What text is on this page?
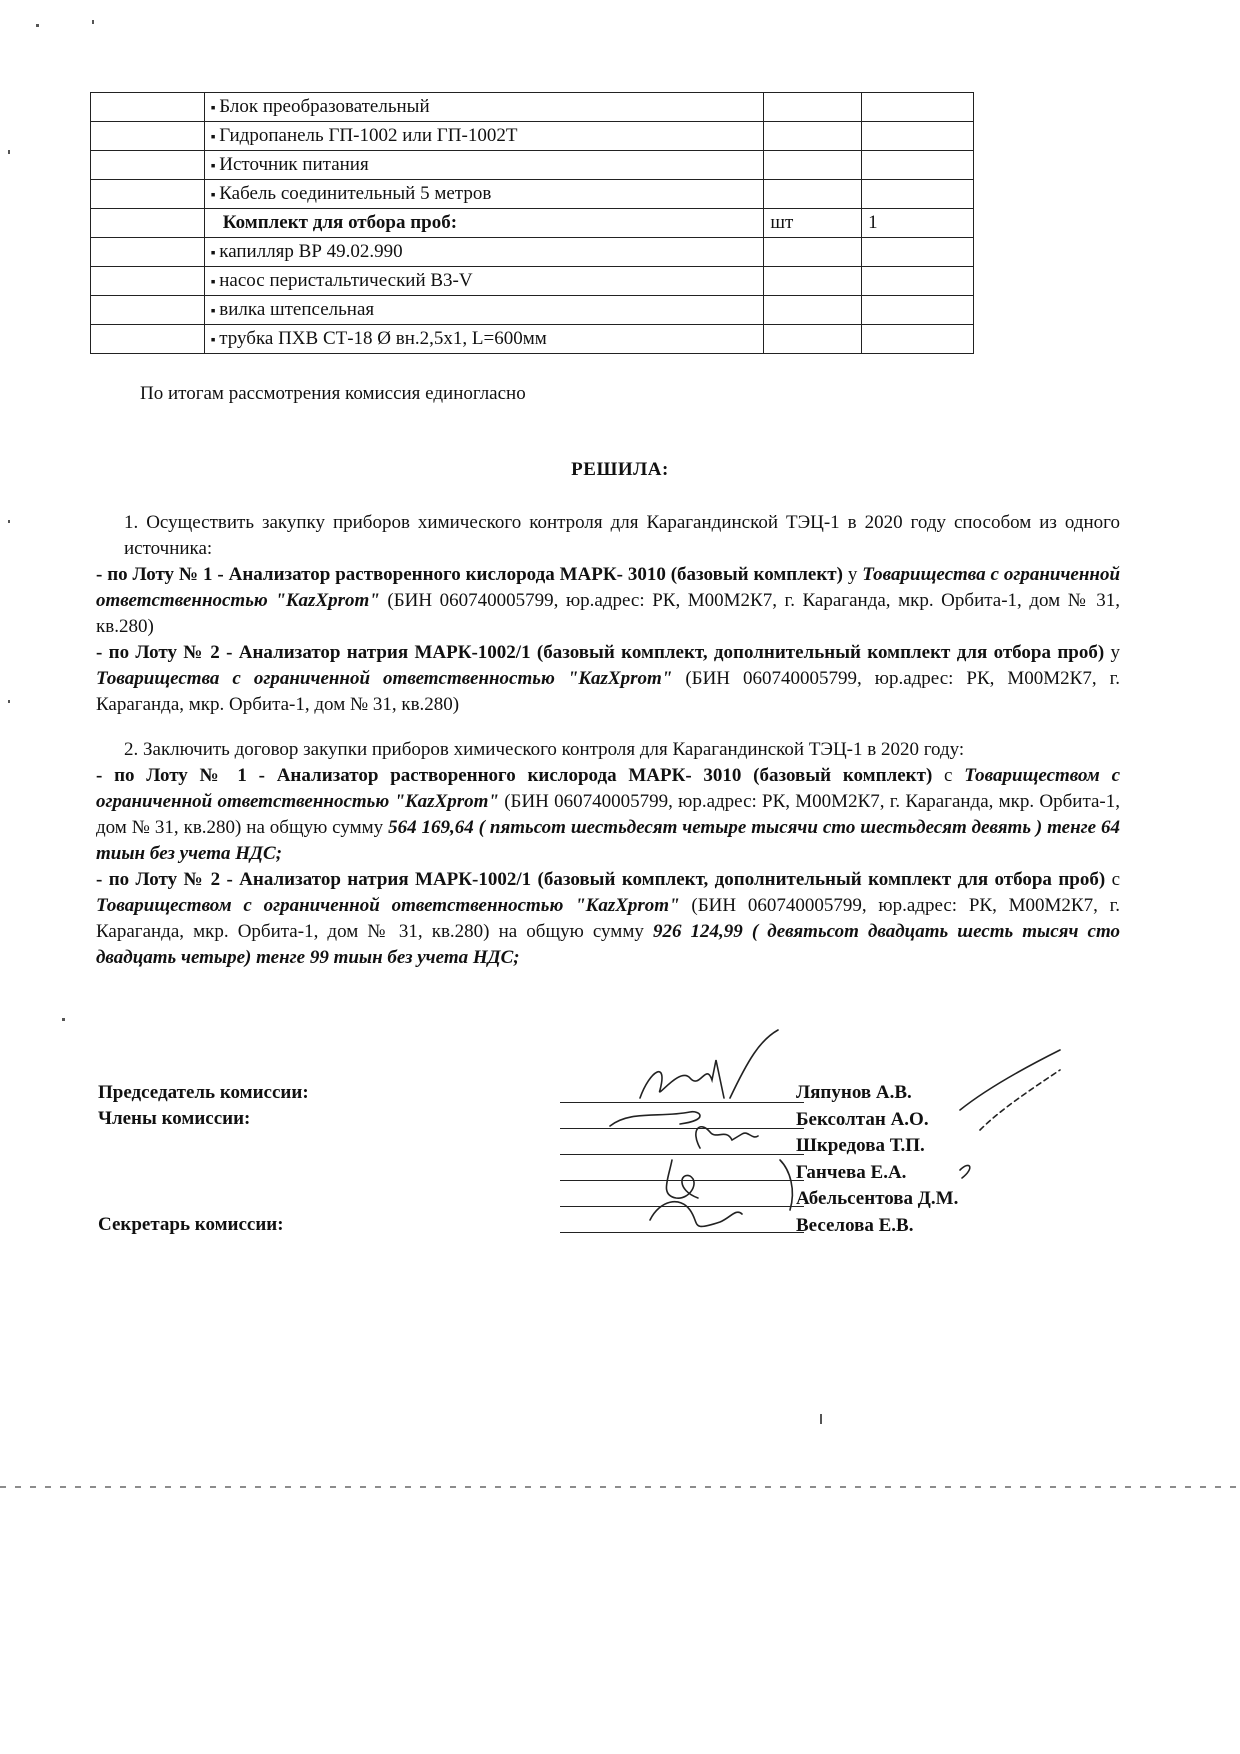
	▪ Блок преобразовательный		
	▪ Гидропанель ГП-1002 или ГП-1002Т		
	▪ Источник питания		
	▪ Кабель соединительный 5 метров		
	Комплект для отбора проб:	шт	1
	▪ капилляр ВР 49.02.990		
	▪ насос перистальтический В3-V		
	▪ вилка штепсельная		
	▪ трубка ПХВ СТ-18 Ø вн.2,5х1, L=600мм		
По итогам рассмотрения комиссия единогласно
РЕШИЛА:

1. Осуществить закупку приборов химического контроля для Карагандинской ТЭЦ-1 в 2020 году способом из одного источника:

- по Лоту № 1 - Анализатор растворенного кислорода МАРК- 3010 (базовый комплект) у Товарищества с ограниченной ответственностью "KazXprom" (БИН 060740005799, юр.адрес: РК, М00М2К7, г. Караганда, мкр. Орбита-1, дом № 31, кв.280)

- по Лоту № 2 - Анализатор натрия МАРК-1002/1 (базовый комплект, дополнительный комплект для отбора проб) у Товарищества с ограниченной ответственностью "KazXprom" (БИН 060740005799, юр.адрес: РК, М00М2К7, г. Караганда, мкр. Орбита-1, дом № 31, кв.280)

2. Заключить договор закупки приборов химического контроля для Карагандинской ТЭЦ-1 в 2020 году:

- по Лоту № 1 - Анализатор растворенного кислорода МАРК- 3010 (базовый комплект) с Товариществом с ограниченной ответственностью "KazXprom" (БИН 060740005799, юр.адрес: РК, М00М2К7, г. Караганда, мкр. Орбита-1, дом № 31, кв.280) на общую сумму 564 169,64 ( пятьсот шестьдесят четыре тысячи сто шестьдесят девять ) тенге 64 тиын без учета НДС;

- по Лоту № 2 - Анализатор натрия МАРК-1002/1 (базовый комплект, дополнительный комплект для отбора проб) с Товариществом с ограниченной ответственностью "KazXprom" (БИН 060740005799, юр.адрес: РК, М00М2К7, г. Караганда, мкр. Орбита-1, дом № 31, кв.280) на общую сумму 926 124,99 ( девятьсот двадцать шесть тысяч сто двадцать четыре) тенге 99 тиын без учета НДС;

Председатель комиссии:
Члены комиссии:
Секретарь комиссии:
Ляпунов А.В.
Бексолтан А.О.
Шкредова Т.П.
Ганчева Е.А.
Абельсентова Д.М.
Веселова Е.В.
